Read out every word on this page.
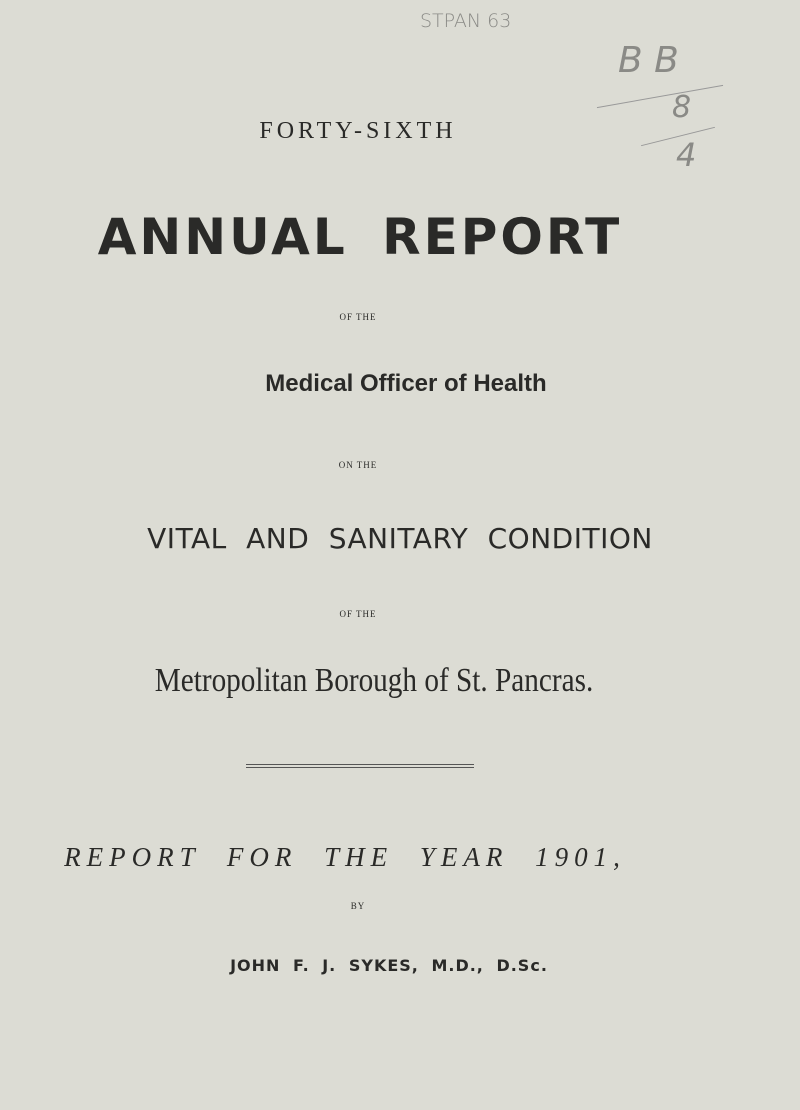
STPAN 63
B B
8
4
FORTY-SIXTH
ANNUAL REPORT
OF THE
Medical Officer of Health
ON THE
VITAL AND SANITARY CONDITION
OF THE
Metropolitan Borough of St. Pancras.
REPORT FOR THE YEAR 1901,
BY
JOHN F. J. SYKES, M.D., D.Sc.
